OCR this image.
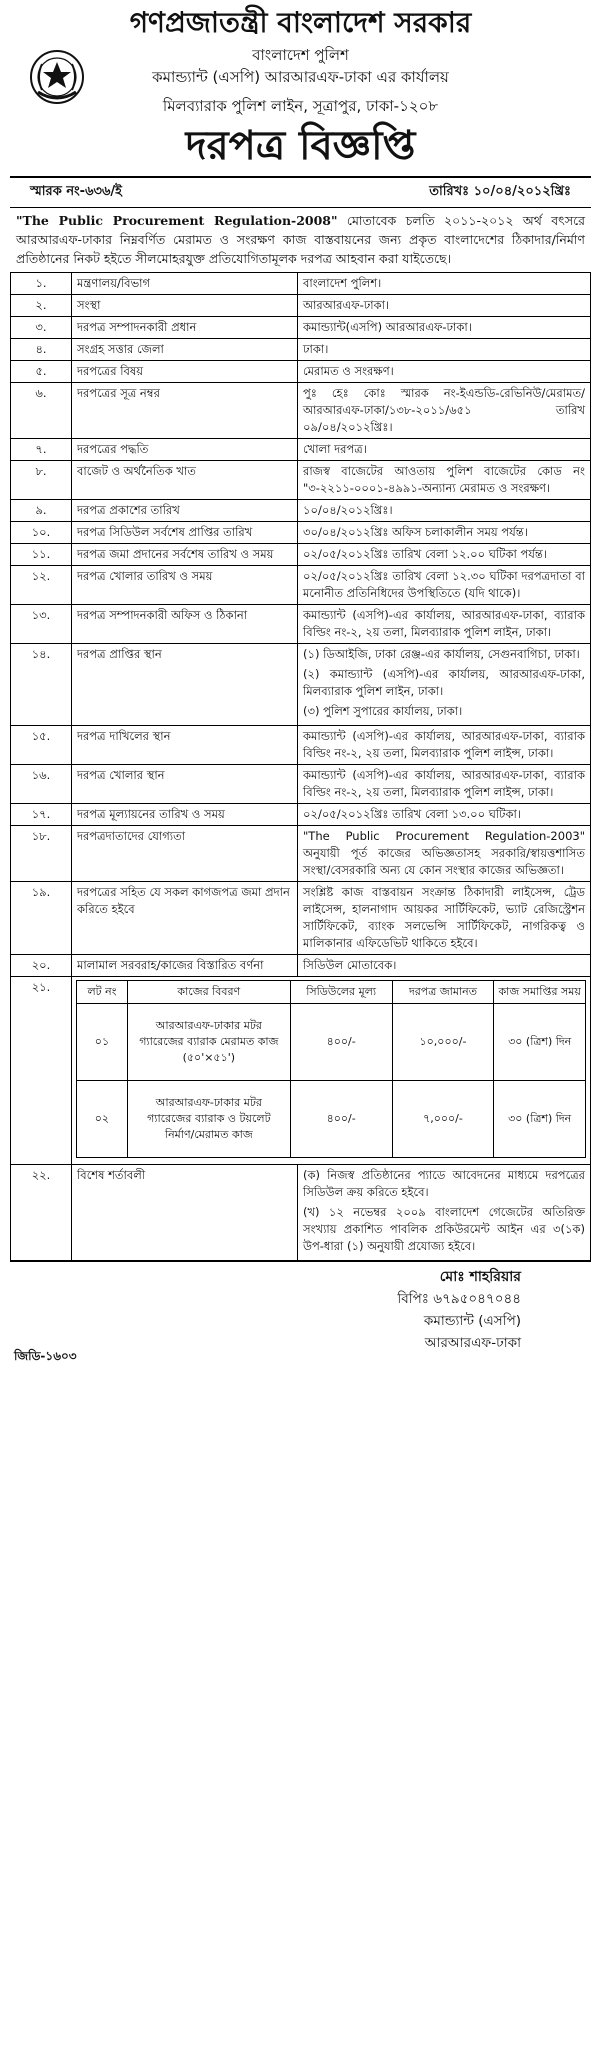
গণপ্রজাতন্ত্রী বাংলাদেশ সরকার
বাংলাদেশ পুলিশ
কমান্ড্যান্ট (এসপি) আরআরএফ-ঢাকা এর কার্যালয়
মিলব্যারাক পুলিশ লাইন, সূত্রাপুর, ঢাকা-১২০৮
দরপত্র বিজ্ঞপ্তি
স্মারক নং-৬৩৬/ই	তারিখঃ ১০/০৪/২০১২খ্রিঃ
"The Public Procurement Regulation-2008" মোতাবেক চলতি ২০১১-২০১২ অর্থ বৎসরে আরআরএফ-ঢাকার নিম্নবর্ণিত মেরামত ও সংরক্ষণ কাজ বাস্তবায়নের জন্য প্রকৃত বাংলাদেশের ঠিকাদার/নির্মাণ প্রতিষ্ঠানের নিকট হইতে সীলমোহরযুক্ত প্রতিযোগিতামূলক দরপত্র আহবান করা যাইতেছে।
১.	মন্ত্রণালয়/বিভাগ	বাংলাদেশ পুলিশ।
২.	সংস্থা	আরআরএফ-ঢাকা।
৩.	দরপত্র সম্পাদনকারী প্রধান	কমান্ড্যান্ট(এসপি) আরআরএফ-ঢাকা।
৪.	সংগ্রহ সত্তার জেলা	ঢাকা।
৫.	দরপত্রের বিষয়	মেরামত ও সংরক্ষণ।
৬.	দরপত্রের সূত্র নম্বর	পুঃ হেঃ কোঃ স্মারক নং-ইএন্ডডি-রেভিনিউ/মেরামত/আরআরএফ-ঢাকা/১৩৮-২০১১/৬৫১ তারিখ ০৯/০৪/২০১২খ্রিঃ।
৭.	দরপত্রের পদ্ধতি	খোলা দরপত্র।
৮.	বাজেট ও অর্থনৈতিক খাত	রাজস্ব বাজেটের আওতায় পুলিশ বাজেটের কোড নং "৩-২২১১-০০০১-৪৯৯১-অন্যান্য মেরামত ও সংরক্ষণ।
৯.	দরপত্র প্রকাশের তারিখ	১০/০৪/২০১২খ্রিঃ।
১০.	দরপত্র সিডিউল সর্বশেষ প্রাপ্তির তারিখ	৩০/০৪/২০১২খ্রিঃ অফিস চলাকালীন সময় পর্যন্ত।
১১.	দরপত্র জমা প্রদানের সর্বশেষ তারিখ ও সময়	০২/০৫/২০১২খ্রিঃ তারিখ বেলা ১২.০০ ঘটিকা পর্যন্ত।
১২.	দরপত্র খোলার তারিখ ও সময়	০২/০৫/২০১২খ্রিঃ তারিখ বেলা ১২.৩০ ঘটিকা দরপত্রদাতা বা মনোনীত প্রতিনিধিদের উপস্থিতিতে (যদি থাকে)।
১৩.	দরপত্র সম্পাদনকারী অফিস ও ঠিকানা	কমান্ড্যান্ট (এসপি)-এর কার্যালয়, আরআরএফ-ঢাকা, ব্যারাক বিল্ডিং নং-২, ২য় তলা, মিলব্যারাক পুলিশ লাইন, ঢাকা।
১৪.	দরপত্র প্রাপ্তির স্থান	(১) ডিআইজি, ঢাকা রেঞ্জ-এর কার্যালয়, সেগুনবাগিচা, ঢাকা।
(২) কমান্ড্যান্ট (এসপি)-এর কার্যালয়, আরআরএফ-ঢাকা, মিলব্যারাক পুলিশ লাইন, ঢাকা।
(৩) পুলিশ সুপারের কার্যালয়, ঢাকা।

১৫.	দরপত্র দাখিলের স্থান	কমান্ড্যান্ট (এসপি)-এর কার্যালয়, আরআরএফ-ঢাকা, ব্যারাক বিল্ডিং নং-২, ২য় তলা, মিলব্যারাক পুলিশ লাইন্স, ঢাকা।
১৬.	দরপত্র খোলার স্থান	কমান্ড্যান্ট (এসপি)-এর কার্যালয়, আরআরএফ-ঢাকা, ব্যারাক বিল্ডিং নং-২, ২য় তলা, মিলব্যারাক পুলিশ লাইন্স, ঢাকা।
১৭.	দরপত্র মূল্যায়নের তারিখ ও সময়	০২/০৫/২০১২খ্রিঃ তারিখ বেলা ১৩.০০ ঘটিকা।
১৮.	দরপত্রদাতাদের যোগ্যতা	"The Public Procurement Regulation-2003" অনুযায়ী পূর্ত কাজের অভিজ্ঞতাসহ সরকারি/স্বায়ত্তশাসিত সংস্থা/বেসরকারি অন্য যে কোন সংস্থার কাজের অভিজ্ঞতা।
১৯.	দরপত্রের সহিত যে সকল কাগজপত্র জমা প্রদান করিতে হইবে	সংশ্লিষ্ট কাজ বাস্তবায়ন সংক্রান্ত ঠিকাদারী লাইসেন্স, ট্রেড লাইসেন্স, হালনাগাদ আয়কর সার্টিফিকেট, ভ্যাট রেজিস্ট্রেশন সার্টিফিকেট, ব্যাংক সলভেন্সি সার্টিফিকেট, নাগরিকত্ব ও মালিকানার এফিডেভিট থাকিতে হইবে।
২০.	মালামাল সরবরাহ/কাজের বিস্তারিত বর্ণনা	সিডিউল মোতাবেক।
২১.		লট নং	কাজের বিবরণ	সিডিউলের মূল্য	দরপত্র জামানত	কাজ সমাপ্তির সময়
০১	আরআরএফ-ঢাকার মটর গ্যারেজের ব্যারাক মেরামত কাজ (৫০'×৫১')	৪০০/-	১০,০০০/-	৩০ (ত্রিশ) দিন
০২	আরআরএফ-ঢাকার মটর গ্যারেজের ব্যারাক ও টয়লেট নির্মাণ/মেরামত কাজ	৪০০/-	৭,০০০/-	৩০ (ত্রিশ) দিন

২২.	বিশেষ শর্তাবলী	(ক) নিজস্ব প্রতিষ্ঠানের প্যাডে আবেদনের মাধ্যমে দরপত্রের সিডিউল ক্রয় করিতে হইবে।
(খ) ১২ নভেম্বর ২০০৯ বাংলাদেশ গেজেটের অতিরিক্ত সংখ্যায় প্রকাশিত পাবলিক প্রকিউরমেন্ট আইন এর ৩(১ক) উপ-ধারা (১) অনুযায়ী প্রযোজ্য হইবে।
মোঃ শাহরিয়ার
বিপিঃ ৬৭৯৫০৪৭০৪৪
কমান্ড্যান্ট (এসপি)
আরআরএফ-ঢাকা
জিডি-১৬০৩
